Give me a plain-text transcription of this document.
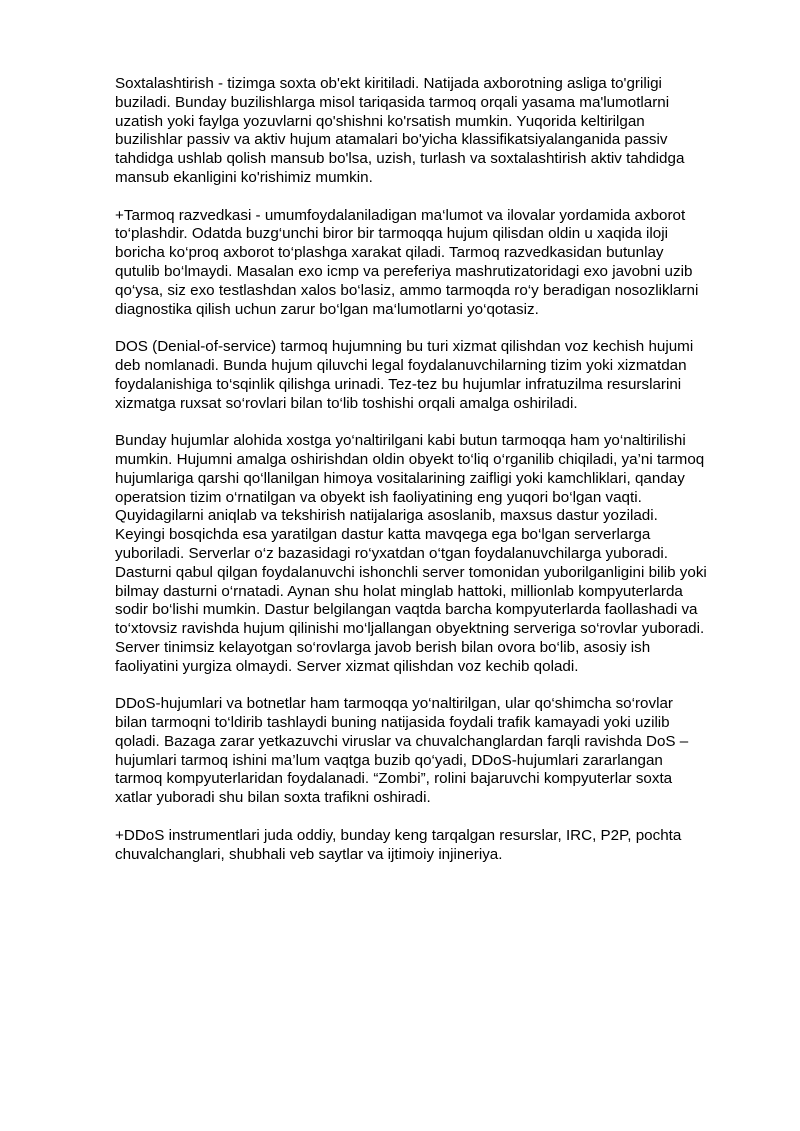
Soxtalashtirish - tizimga soxta ob'ekt kiritiladi. Natijada axborotning asliga to'griligi
buziladi. Bunday buzilishlarga misol tariqasida tarmoq orqali yasama ma'lumotlarni
uzatish yoki faylga yozuvlarni qo'shishni ko'rsatish mumkin. Yuqorida keltirilgan
buzilishlar passiv va aktiv hujum atamalari bo'yicha klassifikatsiyalanganida passiv
tahdidga ushlab qolish mansub bo'lsa, uzish, turlash va soxtalashtirish aktiv tahdidga
mansub ekanligini ko'rishimiz mumkin.

+Tarmoq razvedkasi - umumfoydalaniladigan ma‘lumot va ilovalar yordamida axborot
to‘plashdir. Odatda buzg‘unchi biror bir tarmoqqa hujum qilisdan oldin u xaqida iloji
boricha ko‘proq axborot to‘plashga xarakat qiladi. Tarmoq razvedkasidan butunlay
qutulib bo‘lmaydi. Masalan exo icmp va pereferiya mashrutizatoridagi exo javobni uzib
qo‘ysa, siz exo testlashdan xalos bo‘lasiz, ammo tarmoqda ro‘y beradigan nosozliklarni
diagnostika qilish uchun zarur bo‘lgan ma‘lumotlarni yo‘qotasiz.

DOS (Denial-of-service) tarmoq hujumning bu turi xizmat qilishdan voz kechish hujumi
deb nomlanadi. Bunda hujum qiluvchi legal foydalanuvchilarning tizim yoki xizmatdan
foydalanishiga to‘sqinlik qilishga urinadi. Tez-tez bu hujumlar infratuzilma resurslarini
xizmatga ruxsat so‘rovlari bilan to‘lib toshishi orqali amalga oshiriladi.

Bunday hujumlar alohida xostga yo‘naltirilgani kabi butun tarmoqqa ham yo‘naltirilishi
mumkin. Hujumni amalga oshirishdan oldin obyekt to‘liq o‘rganilib chiqiladi, ya’ni tarmoq
hujumlariga qarshi qo‘llanilgan himoya vositalarining zaifligi yoki kamchliklari, qanday
operatsion tizim o‘rnatilgan va obyekt ish faoliyatining eng yuqori bo‘lgan vaqti.
Quyidagilarni aniqlab va tekshirish natijalariga asoslanib, maxsus dastur yoziladi.
Keyingi bosqichda esa yaratilgan dastur katta mavqega ega bo‘lgan serverlarga
yuboriladi. Serverlar o‘z bazasidagi ro‘yxatdan o‘tgan foydalanuvchilarga yuboradi.
Dasturni qabul qilgan foydalanuvchi ishonchli server tomonidan yuborilganligini bilib yoki
bilmay dasturni o‘rnatadi. Aynan shu holat minglab hattoki, millionlab kompyuterlarda
sodir bo‘lishi mumkin. Dastur belgilangan vaqtda barcha kompyuterlarda faollashadi va
to‘xtovsiz ravishda hujum qilinishi mo‘ljallangan obyektning serveriga so‘rovlar yuboradi.
Server tinimsiz kelayotgan so‘rovlarga javob berish bilan ovora bo‘lib, asosiy ish
faoliyatini yurgiza olmaydi. Server xizmat qilishdan voz kechib qoladi.

DDoS-hujumlari va botnetlar ham tarmoqqa yo‘naltirilgan, ular qo‘shimcha so‘rovlar
bilan tarmoqni to‘ldirib tashlaydi buning natijasida foydali trafik kamayadi yoki uzilib
qoladi. Bazaga zarar yetkazuvchi viruslar va chuvalchanglardan farqli ravishda DoS –
hujumlari tarmoq ishini ma’lum vaqtga buzib qo‘yadi, DDoS-hujumlari zararlangan
tarmoq kompyuterlaridan foydalanadi. “Zombi”, rolini bajaruvchi kompyuterlar soxta
xatlar yuboradi shu bilan soxta trafikni oshiradi.

+DDoS instrumentlari juda oddiy, bunday keng tarqalgan resurslar, IRC, P2P, pochta
chuvalchanglari, shubhali veb saytlar va ijtimoiy injineriya.
